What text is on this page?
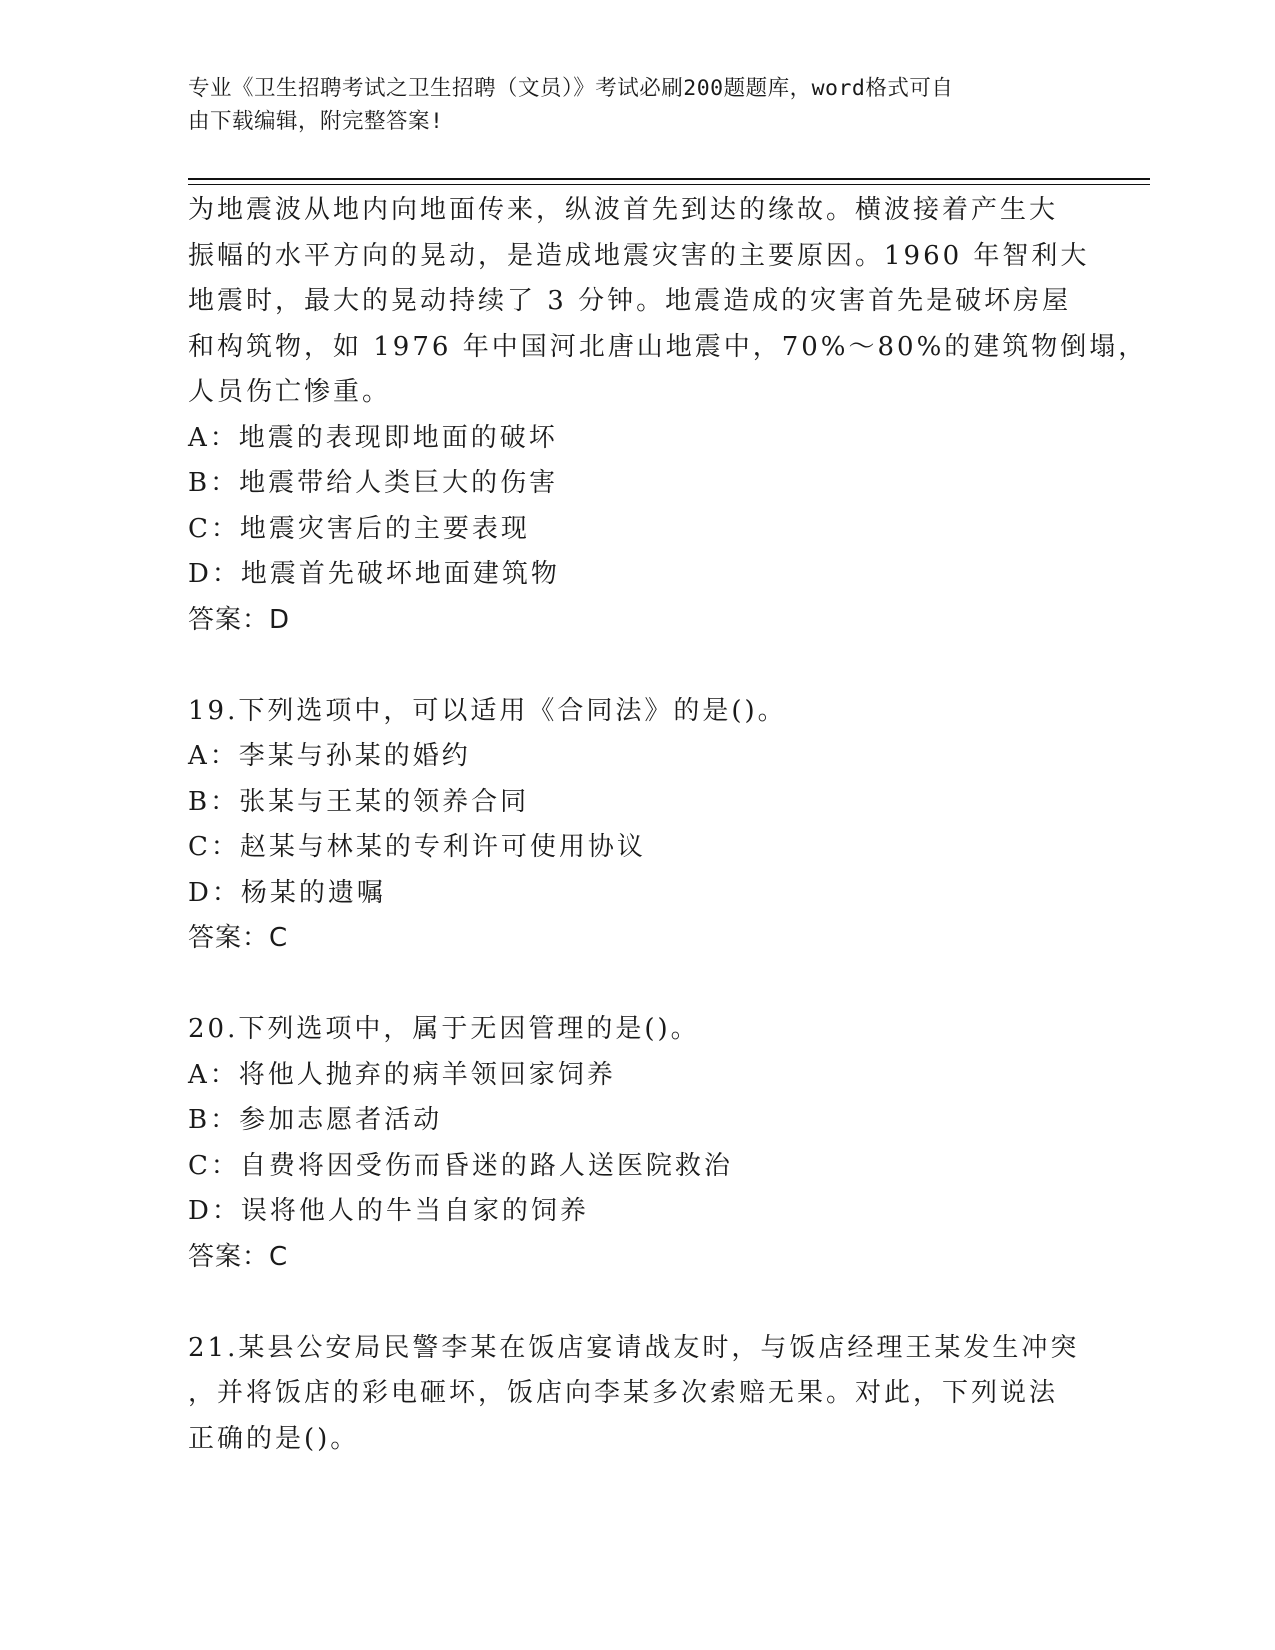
专业《卫生招聘考试之卫生招聘（文员）》考试必刷200题题库，word格式可自
由下载编辑，附完整答案!
为地震波从地内向地面传来，纵波首先到达的缘故。横波接着产生大
振幅的水平方向的晃动，是造成地震灾害的主要原因。1960 年智利大
地震时，最大的晃动持续了 3 分钟。地震造成的灾害首先是破坏房屋
和构筑物，如 1976 年中国河北唐山地震中，70%～80%的建筑物倒塌，
人员伤亡惨重。
A：地震的表现即地面的破坏
B：地震带给人类巨大的伤害
C：地震灾害后的主要表现
D：地震首先破坏地面建筑物
答案：D
19.下列选项中，可以适用《合同法》的是()。
A：李某与孙某的婚约
B：张某与王某的领养合同
C：赵某与林某的专利许可使用协议
D：杨某的遗嘱
答案：C
20.下列选项中，属于无因管理的是()。
A：将他人抛弃的病羊领回家饲养
B：参加志愿者活动
C：自费将因受伤而昏迷的路人送医院救治
D：误将他人的牛当自家的饲养
答案：C
21.某县公安局民警李某在饭店宴请战友时，与饭店经理王某发生冲突
，并将饭店的彩电砸坏，饭店向李某多次索赔无果。对此，下列说法
正确的是()。
